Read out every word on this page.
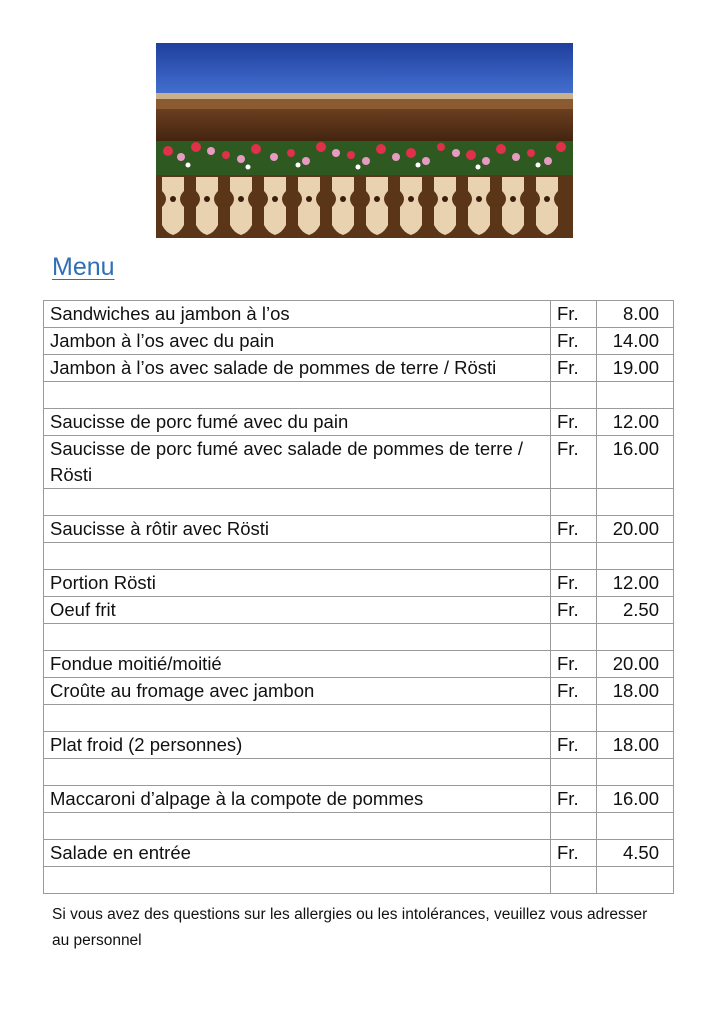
Menu
Sandwiches au jambon à l’os	Fr.	8.00
Jambon à l’os avec du pain	Fr.	14.00
Jambon à l’os avec salade de pommes de terre / Rösti	Fr.	19.00

Saucisse de porc fumé avec du pain	Fr.	12.00
Saucisse de porc fumé avec salade de pommes de terre / Rösti	Fr.	16.00

Saucisse à rôtir avec Rösti	Fr.	20.00

Portion Rösti	Fr.	12.00
Oeuf frit	Fr.	2.50

Fondue moitié/moitié	Fr.	20.00
Croûte au fromage avec jambon	Fr.	18.00

Plat froid (2 personnes)	Fr.	18.00

Maccaroni d’alpage à la compote de pommes	Fr.	16.00

Salade en entrée	Fr.	4.50

Si vous avez des questions sur les allergies ou les intolérances, veuillez vous adresser au personnel
